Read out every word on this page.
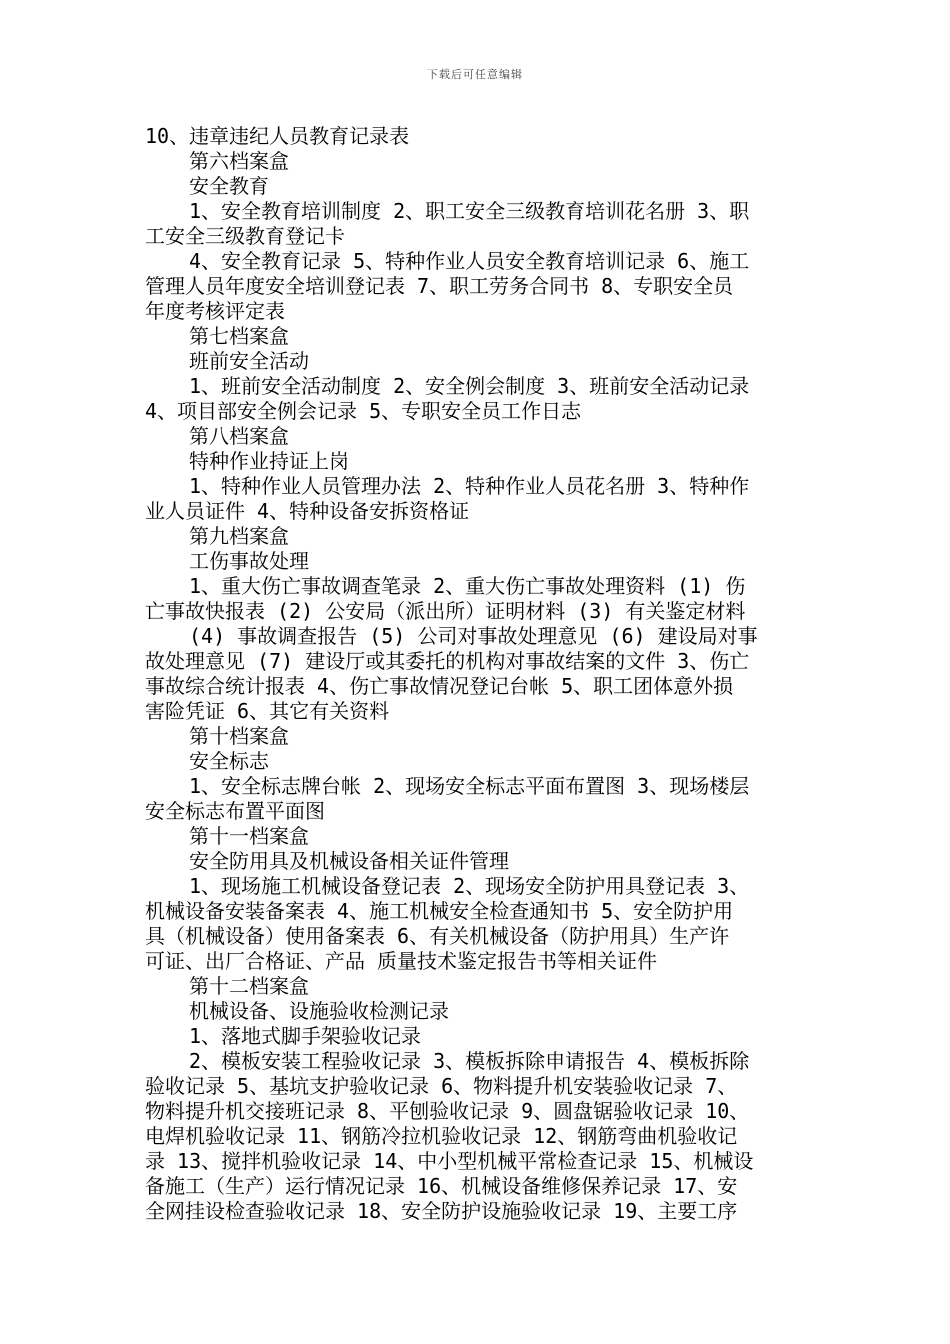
下载后可任意编辑

10、违章违纪人员教育记录表

第六档案盒

安全教育

1、安全教育培训制度 2、职工安全三级教育培训花名册 3、职

工安全三级教育登记卡

4、安全教育记录 5、特种作业人员安全教育培训记录 6、施工

管理人员年度安全培训登记表 7、职工劳务合同书 8、专职安全员

年度考核评定表

第七档案盒

班前安全活动

1、班前安全活动制度 2、安全例会制度 3、班前安全活动记录

4、项目部安全例会记录 5、专职安全员工作日志

第八档案盒

特种作业持证上岗

1、特种作业人员管理办法 2、特种作业人员花名册 3、特种作

业人员证件 4、特种设备安拆资格证

第九档案盒

工伤事故处理

1、重大伤亡事故调查笔录 2、重大伤亡事故处理资料 (1) 伤

亡事故快报表 (2) 公安局（派出所）证明材料 (3) 有关鉴定材料

(4) 事故调查报告 (5) 公司对事故处理意见 (6) 建设局对事

故处理意见 (7) 建设厅或其委托的机构对事故结案的文件 3、伤亡

事故综合统计报表 4、伤亡事故情况登记台帐 5、职工团体意外损

害险凭证 6、其它有关资料

第十档案盒

安全标志

1、安全标志牌台帐 2、现场安全标志平面布置图 3、现场楼层

安全标志布置平面图

第十一档案盒

安全防用具及机械设备相关证件管理

1、现场施工机械设备登记表 2、现场安全防护用具登记表 3、

机械设备安装备案表 4、施工机械安全检查通知书 5、安全防护用

具（机械设备）使用备案表 6、有关机械设备（防护用具）生产许

可证、出厂合格证、产品 质量技术鉴定报告书等相关证件

第十二档案盒

机械设备、设施验收检测记录

1、落地式脚手架验收记录

2、模板安装工程验收记录 3、模板拆除申请报告 4、模板拆除

验收记录 5、基坑支护验收记录 6、物料提升机安装验收记录 7、

物料提升机交接班记录 8、平刨验收记录 9、圆盘锯验收记录 10、

电焊机验收记录 11、钢筋冷拉机验收记录 12、钢筋弯曲机验收记

录 13、搅拌机验收记录 14、中小型机械平常检查记录 15、机械设

备施工（生产）运行情况记录 16、机械设备维修保养记录 17、安

全网挂设检查验收记录 18、安全防护设施验收记录 19、主要工序
